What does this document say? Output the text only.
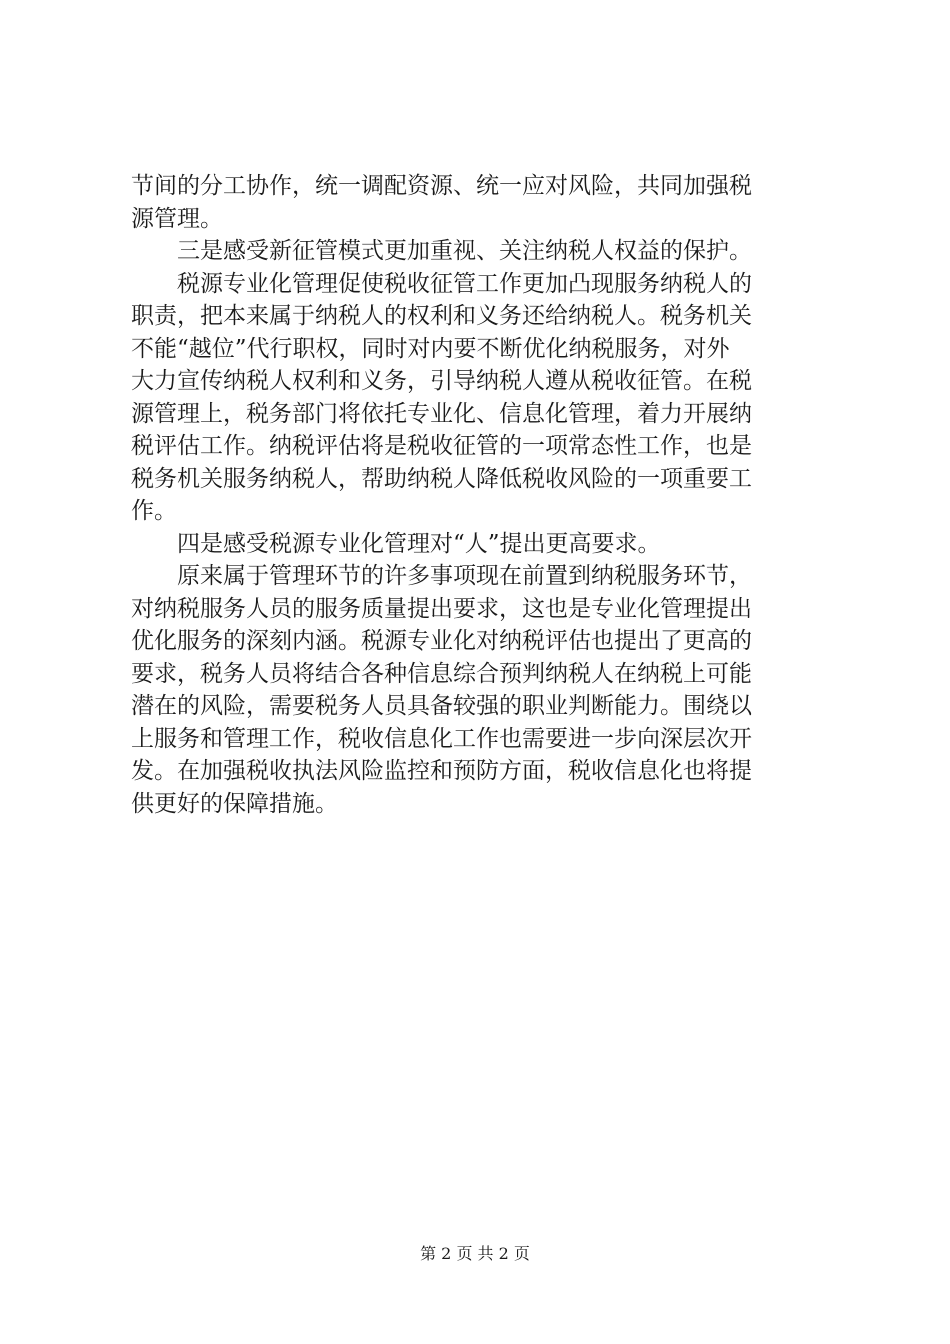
节间的分工协作，统一调配资源、统一应对风险，共同加强税

源管理。

　　三是感受新征管模式更加重视、关注纳税人权益的保护。

　　税源专业化管理促使税收征管工作更加凸现服务纳税人的

职责，把本来属于纳税人的权利和义务还给纳税人。税务机关

不能“越位”代行职权，同时对内要不断优化纳税服务，对外

大力宣传纳税人权利和义务，引导纳税人遵从税收征管。在税

源管理上，税务部门将依托专业化、信息化管理，着力开展纳

税评估工作。纳税评估将是税收征管的一项常态性工作，也是

税务机关服务纳税人，帮助纳税人降低税收风险的一项重要工

作。

　　四是感受税源专业化管理对“人”提出更高要求。

　　原来属于管理环节的许多事项现在前置到纳税服务环节，

对纳税服务人员的服务质量提出要求，这也是专业化管理提出

优化服务的深刻内涵。税源专业化对纳税评估也提出了更高的

要求，税务人员将结合各种信息综合预判纳税人在纳税上可能

潜在的风险，需要税务人员具备较强的职业判断能力。围绕以

上服务和管理工作，税收信息化工作也需要进一步向深层次开

发。在加强税收执法风险监控和预防方面，税收信息化也将提

供更好的保障措施。

第 2 页 共 2 页
